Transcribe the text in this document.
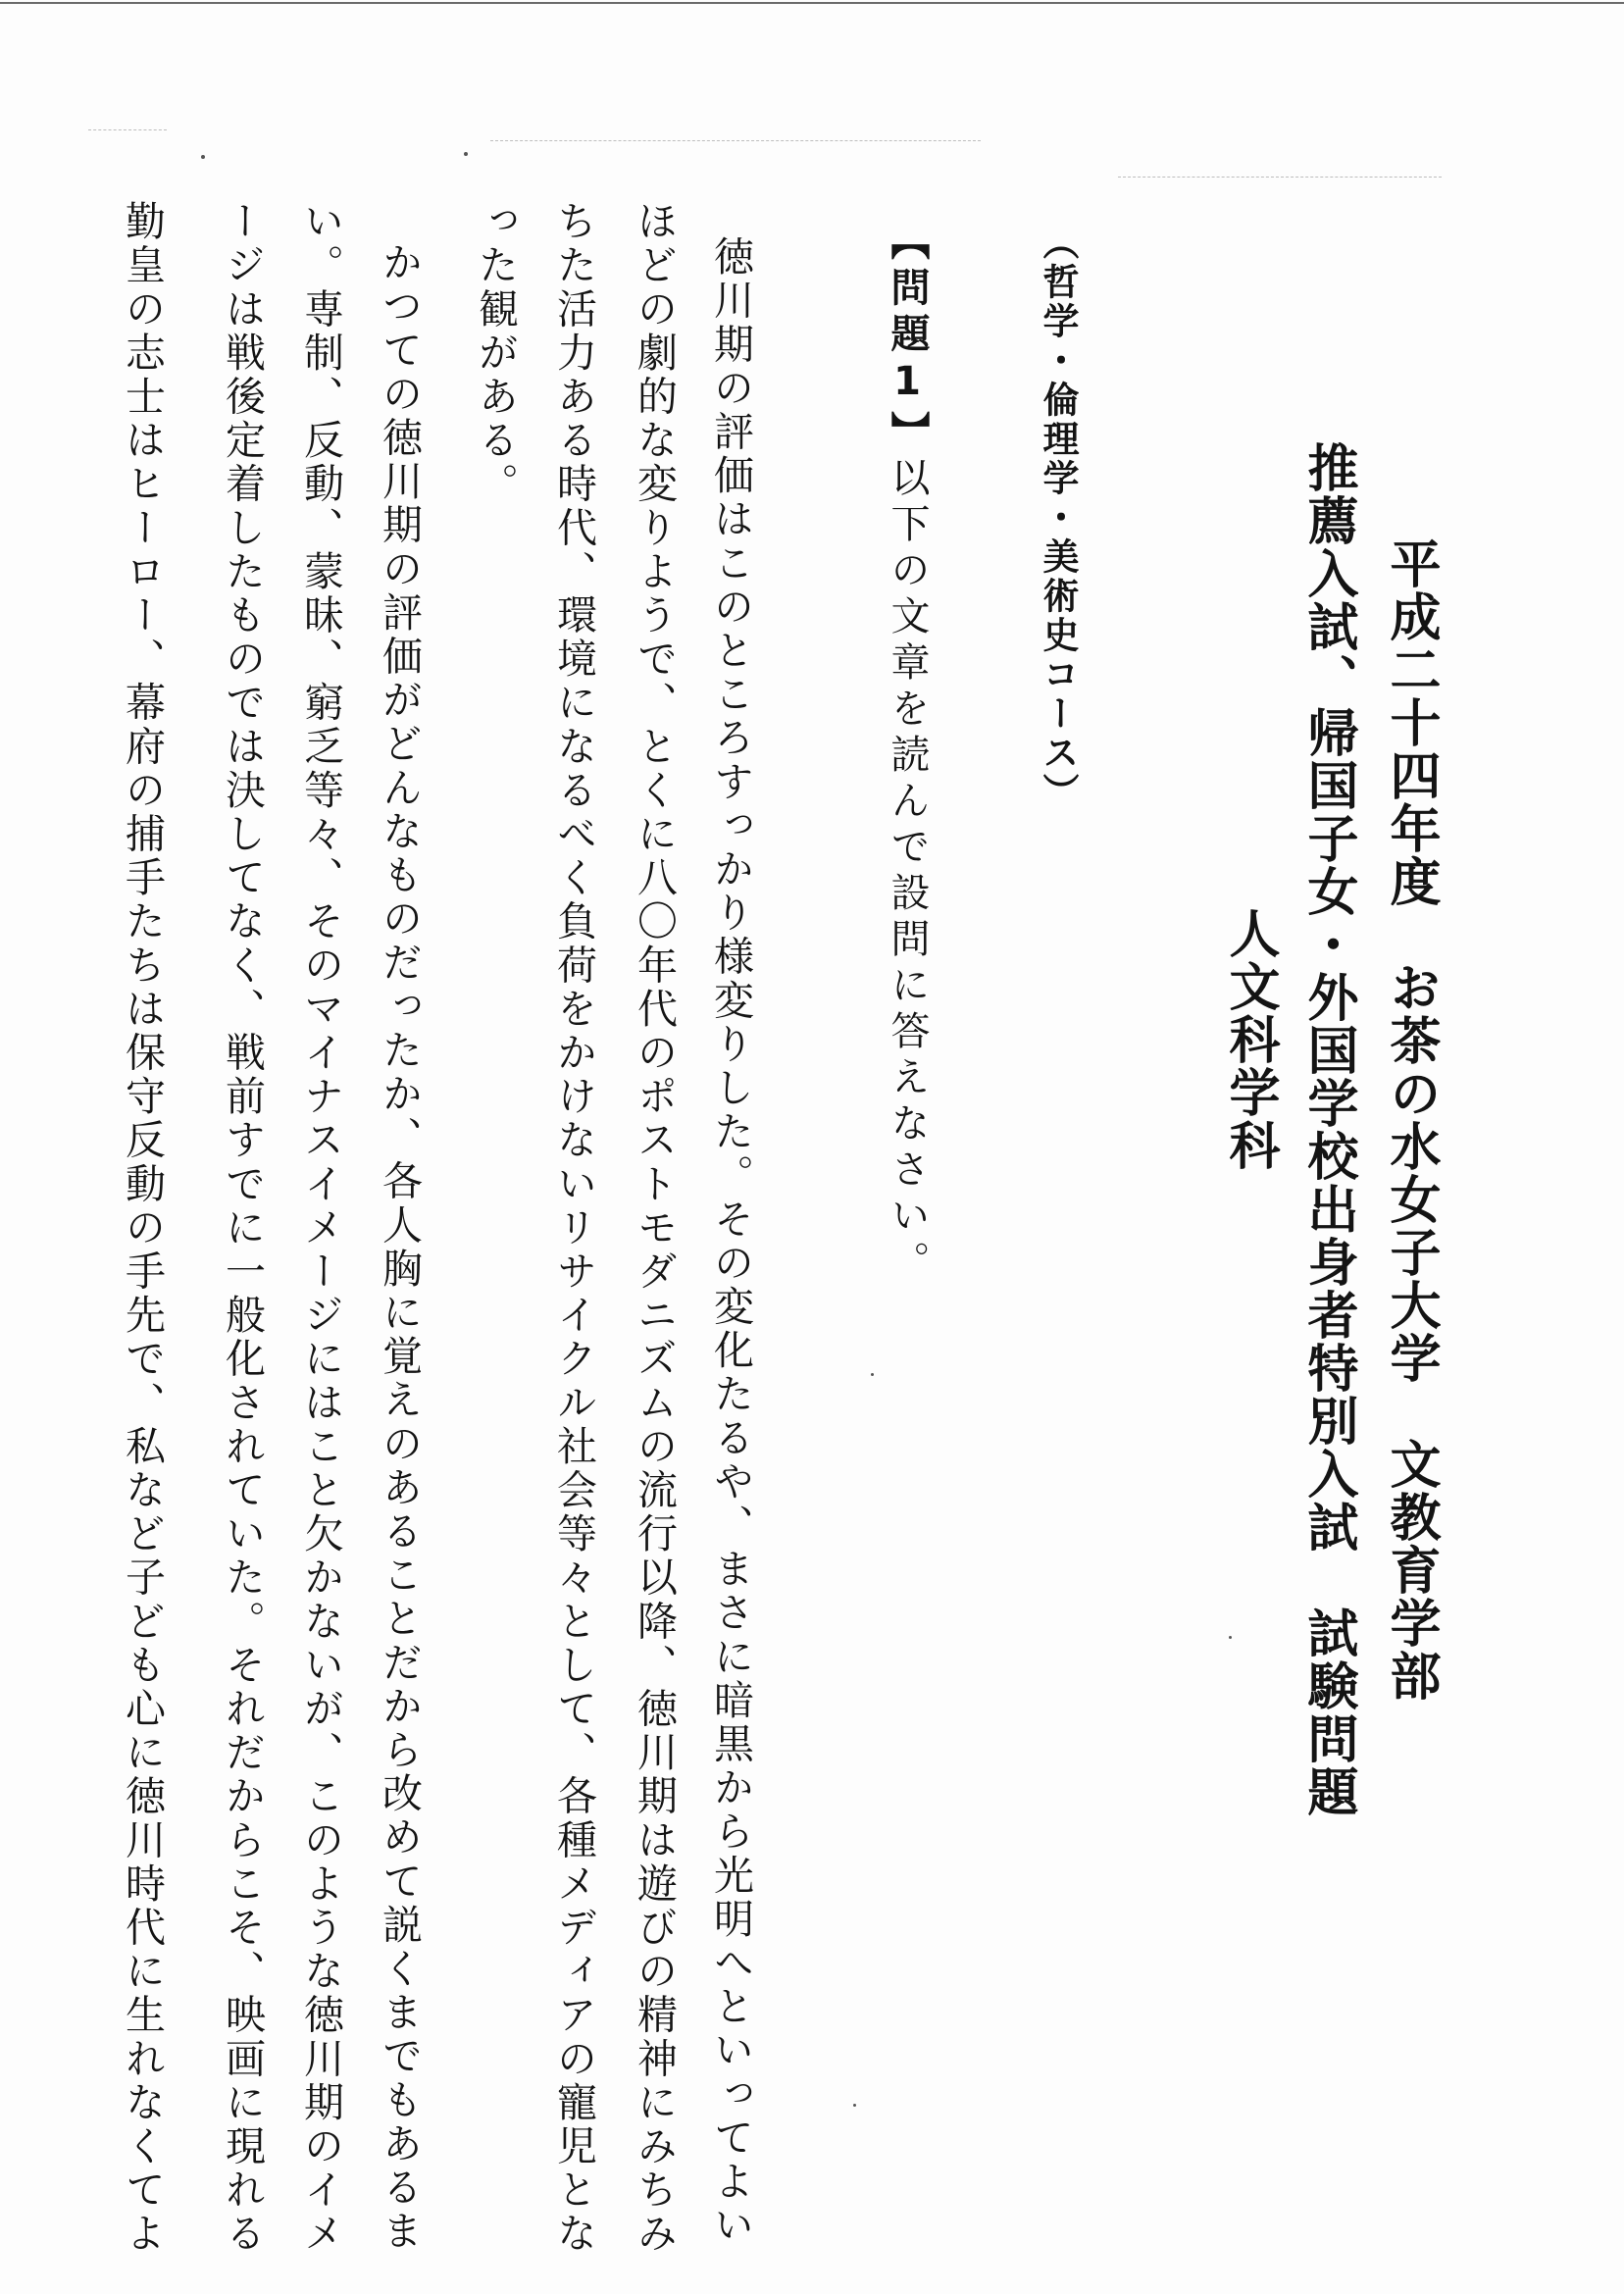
平成二十四年度　お茶の水女子大学　文教育学部
推薦入試、帰国子女・外国学校出身者特別入試　試験問題
人文科学科
（哲学・倫理学・美術史コース）
【問題1】以下の文章を読んで設問に答えなさい。
徳川期の評価はこのところすっかり様変りした。その変化たるや、まさに暗黒から光明へといってよい
ほどの劇的な変りようで、とくに八〇年代のポストモダニズムの流行以降、徳川期は遊びの精神にみちみ
ちた活力ある時代、環境になるべく負荷をかけないリサイクル社会等々として、各種メディアの寵児とな
った観がある。
かつての徳川期の評価がどんなものだったか、各人胸に覚えのあることだから改めて説くまでもあるま
い。専制、反動、蒙昧、窮乏等々、そのマイナスイメージにはこと欠かないが、このような徳川期のイメ
ージは戦後定着したものでは決してなく、戦前すでに一般化されていた。それだからこそ、映画に現れる
勤皇の志士はヒーロー、幕府の捕手たちは保守反動の手先で、私など子ども心に徳川時代に生れなくてよ
